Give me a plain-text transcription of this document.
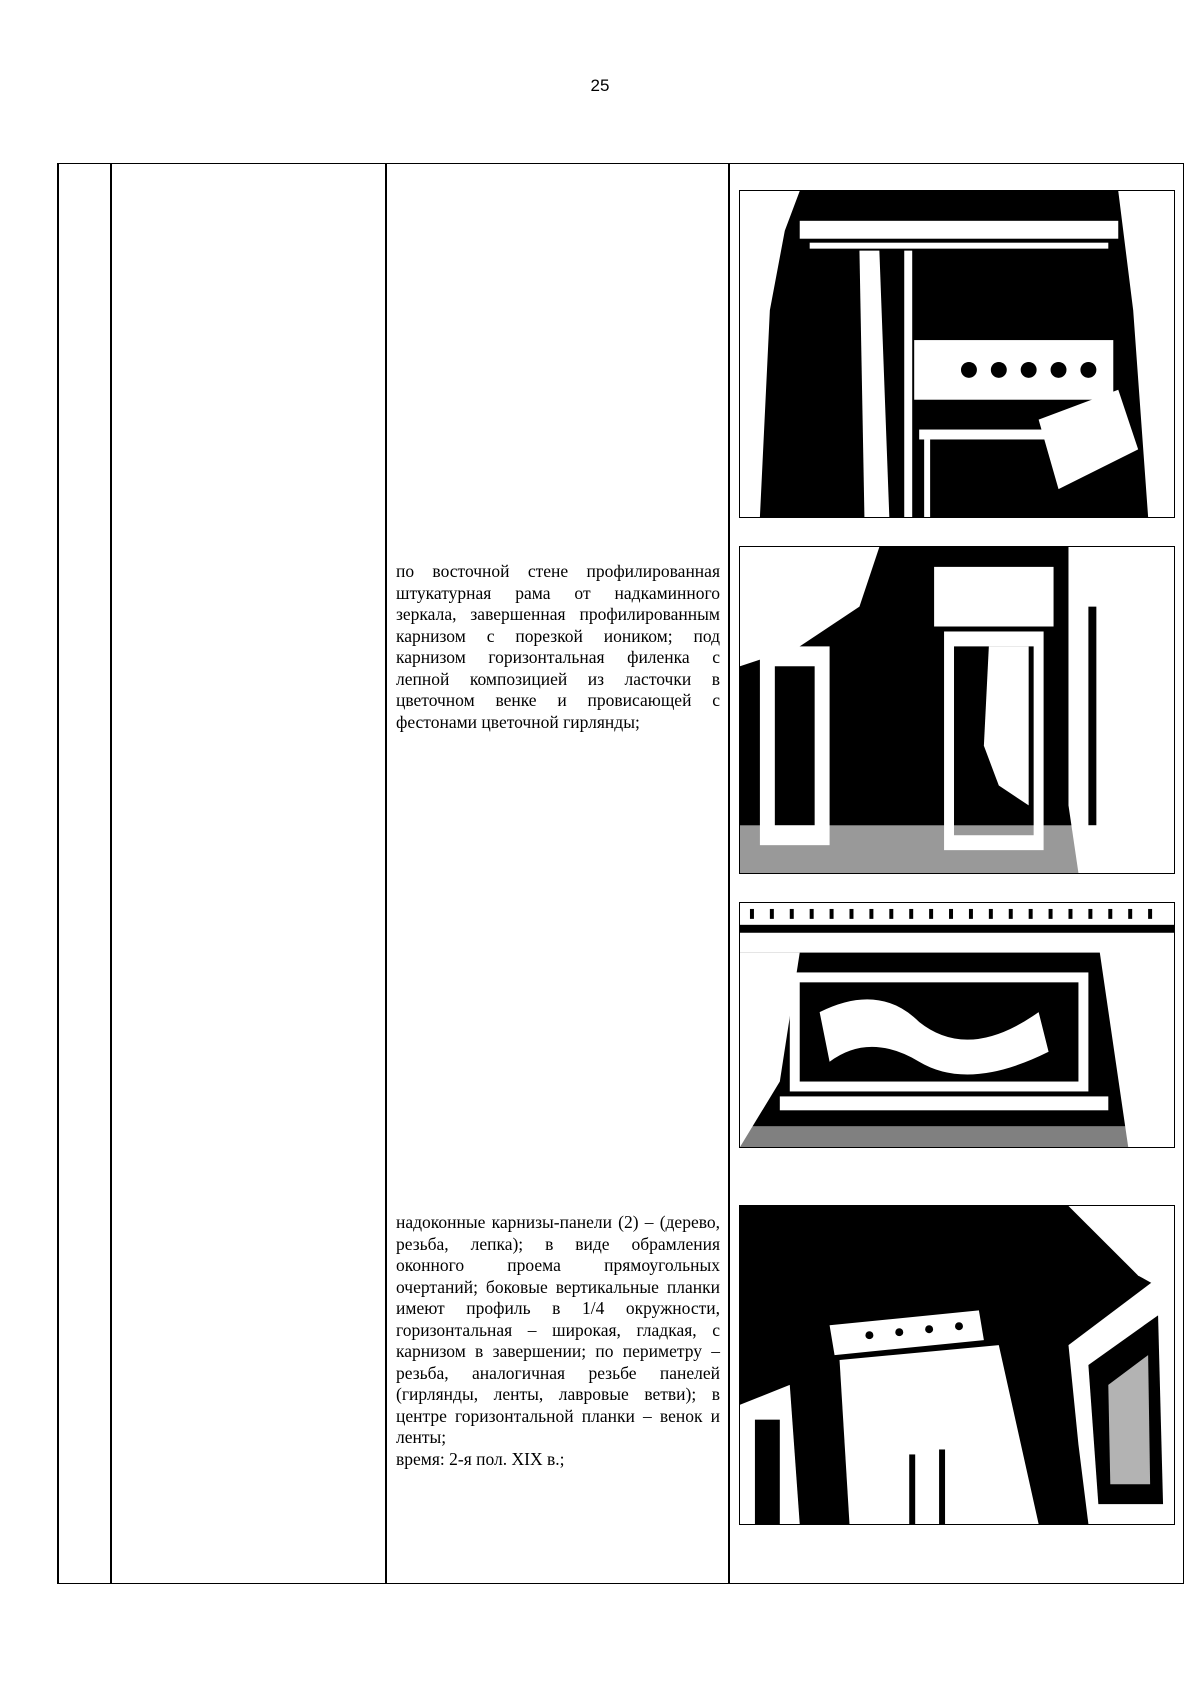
25

по восточной стене профилированная штукатурная рама от надкаминного зеркала, завершенная профилированным карнизом с порезкой иоником; под карнизом горизонтальная филенка с лепной композицией из ласточки в цветочном венке и провисающей с фестонами цветочной гирлянды;

надоконные карнизы-панели (2) – (дерево, резьба, лепка); в виде обрамления оконного проема прямоугольных очертаний; боковые вертикальные планки имеют профиль в 1/4 окружности, горизонтальная – широкая, гладкая, с карнизом в завершении; по периметру – резьба, аналогичная резьбе панелей (гирлянды, ленты, лавровые ветви); в центре горизонтальной планки – венок и ленты;

время: 2-я пол. XIX в.;
